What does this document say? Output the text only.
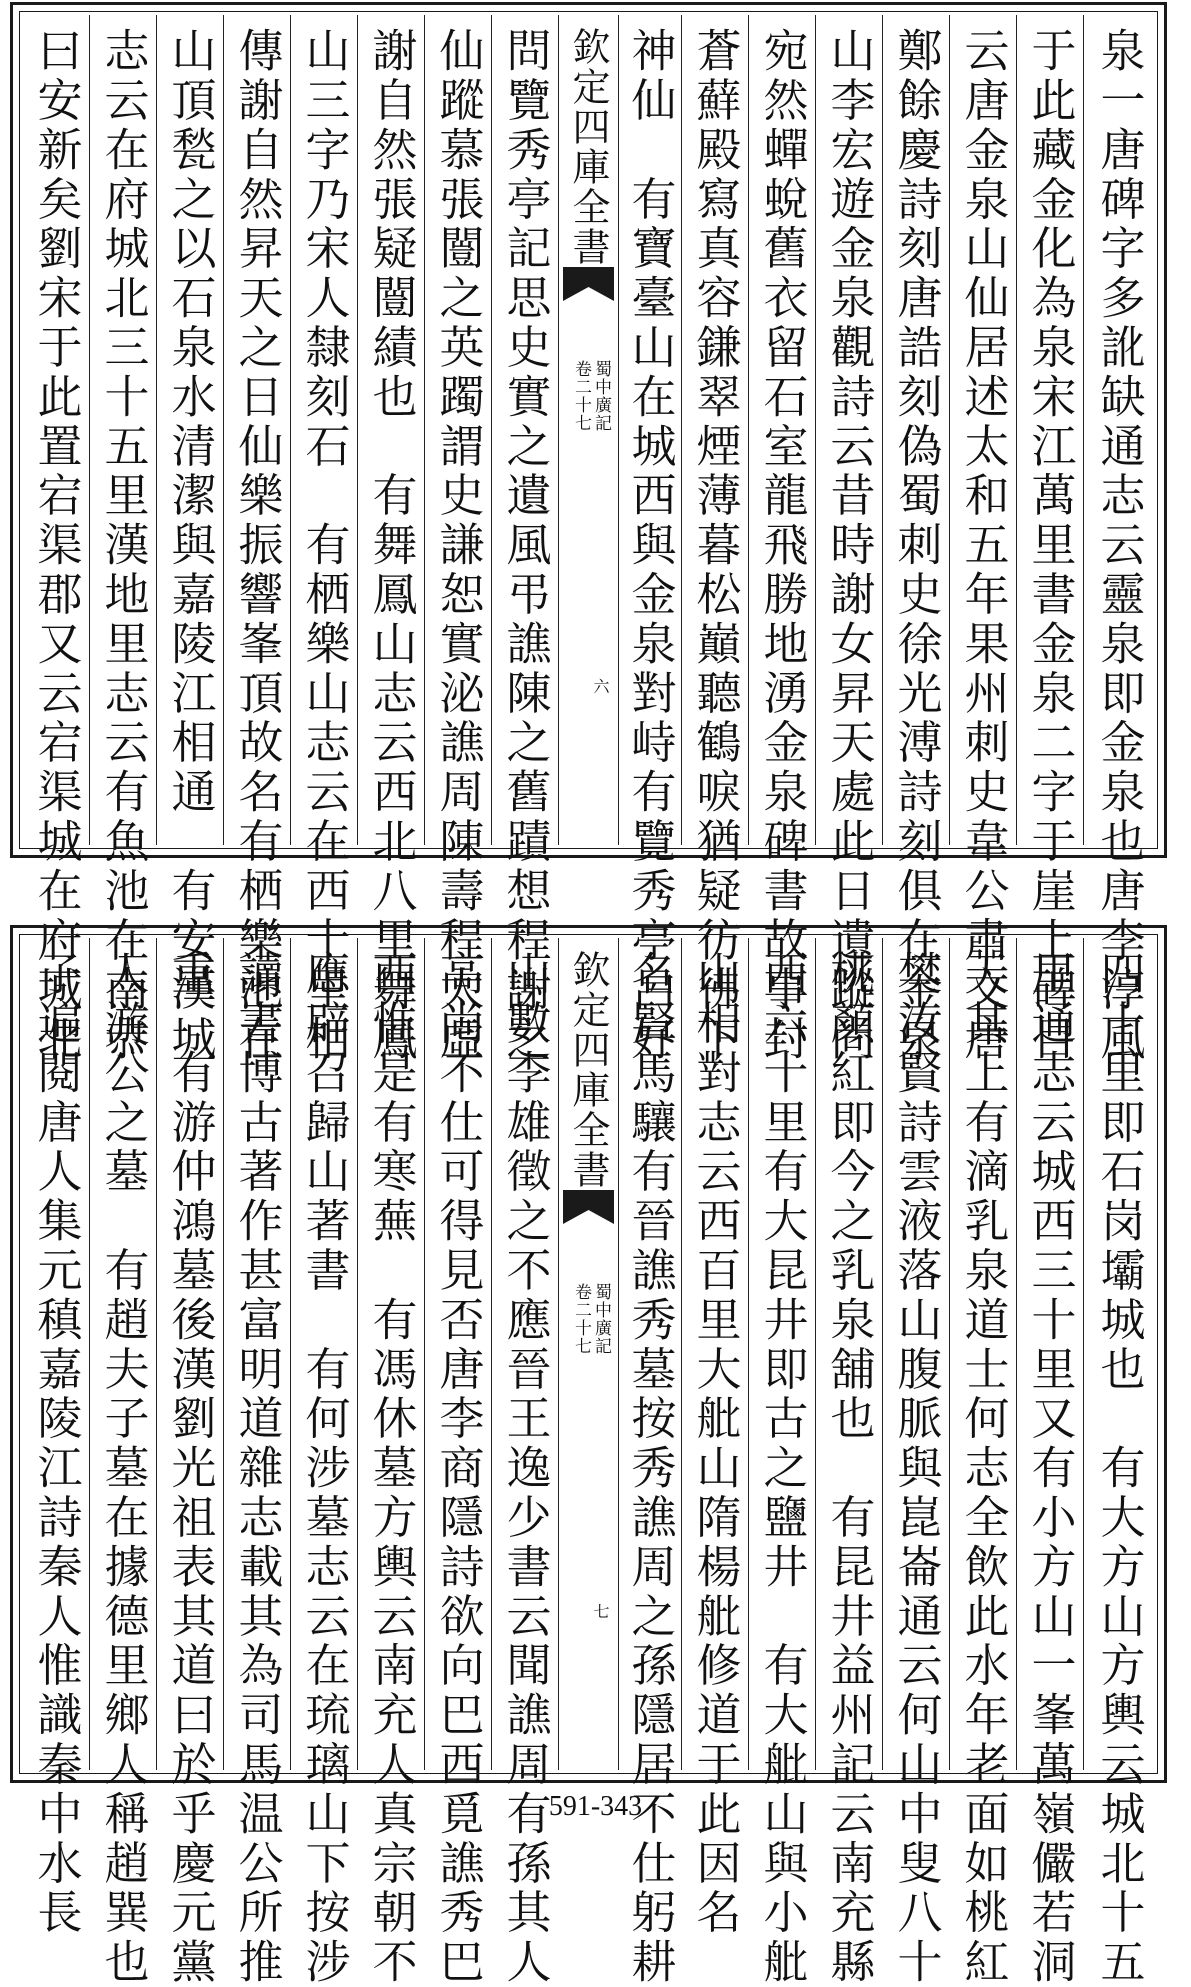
泉一唐碑字多訛缺通志云靈泉即金泉也唐李淳風
于此藏金化為泉宋江萬里書金泉二字于崖上碑目
云唐金泉山仙居述太和五年果州刺史韋公肅文唐
鄭餘慶詩刻唐誥刻偽蜀刺史徐光溥詩刻俱在金泉
山李宏遊金泉觀詩云昔時謝女昇天處此日遺蹤尚
宛然蟬蛻舊衣留石室龍飛勝地湧金泉碑書故事封
蒼蘚殿寫真容鎌翠煙薄暮松巔聽鶴唳猶疑彷彿下
神仙　有寶臺山在城西與金泉對峙有覽秀亭呂好
欽定四庫全書
蜀中廣記
卷二十七
六
問覽秀亭記思史實之遺風弔譙陳之舊蹟想程謝之
仙蹤慕張闓之英躅謂史謙恕實泌譙周陳壽程太虛
謝自然張疑闓績也　有舞鳳山志云西北八里舞鳳
山三字乃宋人隸刻石　有栖樂山志云在西十里相
傳謝自然昇天之日仙樂振響峯頂故名有栖樂池在
山頂甃之以石泉水清潔與嘉陵江相通　有安漢城
志云在府城北三十五里漢地里志云有魚池在南恭
曰安新矣劉宋于此置宕渠郡又云宕渠城在府城北
四十里即石岗壩城也　有大方山方輿云城北十五
里通志云城西三十里又有小方山一峯萬嶺儼若洞
天其上有滴乳泉道士何志全飲此水年老面如桃紅
樊汝賢詩雲液落山腹脈與崑崙通云何山中叟八十
桃顏紅即今之乳泉舖也　有昆井益州記云南充縣
西六十里有大昆井即古之鹽井　有大舭山與小舭
山相對志云西百里大舭山隋楊舭修道于此因名
名賢馬驤有晉譙秀墓按秀譙周之孫隱居不仕躬耕
欽定四庫全書
蜀中廣記
卷二十七
七
山數李雄徵之不應晉王逸少書云聞譙周有孫其人
高尚不仕可得見否唐李商隱詩欲向巴西覓譙秀巴
西惟是有寒蕪　有馮休墓方輿云南充人真宗朝不
應辟召歸山著書　有何涉墓志云在琉璃山下按涉
讀書博古著作甚富明道雜志載其為司馬温公所推
重　有游仲鴻墓後漢劉光祖表其道曰於乎慶元黨
人游公之墓　有趙夫子墓在據德里鄉人稱趙巽也
子遍閱唐人集元稹嘉陵江詩秦人惟識秦中水長	591-343
